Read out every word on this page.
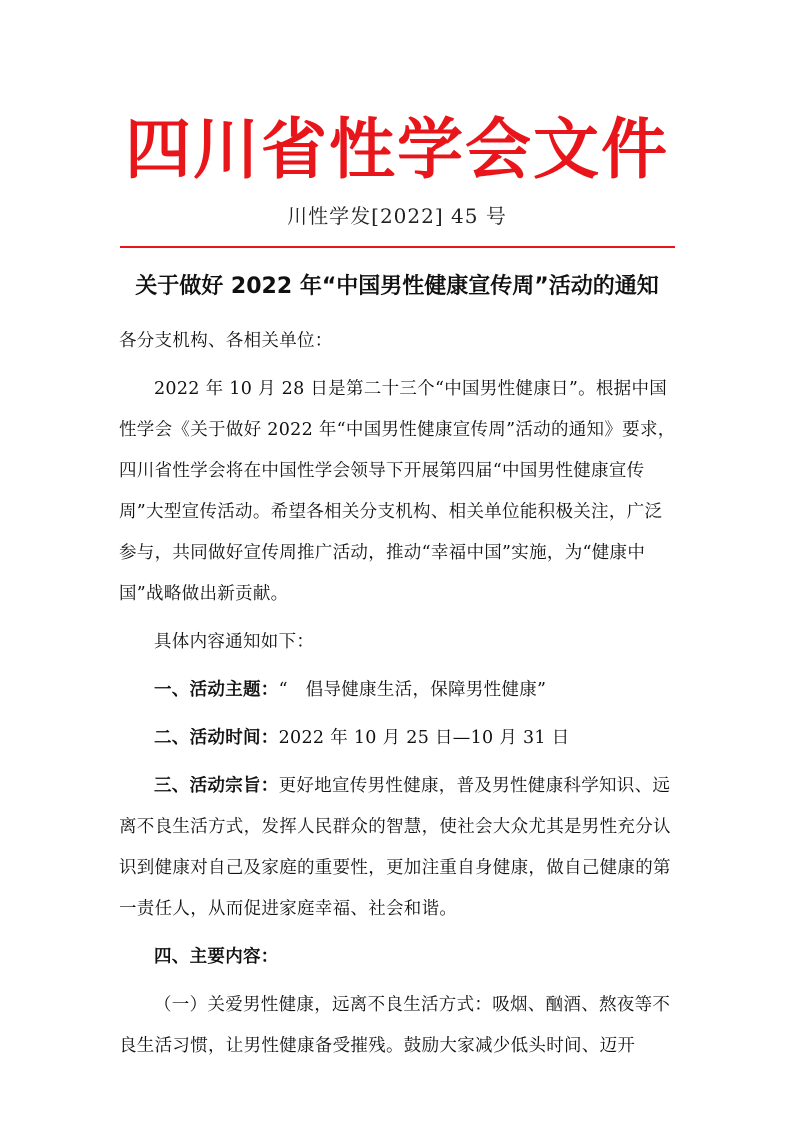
四川省性学会文件
川性学发[2022] 45 号
关于做好 2022 年“中国男性健康宣传周”活动的通知

各分支机构、各相关单位：

2022 年 10 月 28 日是第二十三个“中国男性健康日”。根据中国性学会《关于做好 2022 年“中国男性健康宣传周”活动的通知》要求，四川省性学会将在中国性学会领导下开展第四届“中国男性健康宣传周”大型宣传活动。希望各相关分支机构、相关单位能积极关注，广泛参与，共同做好宣传周推广活动，推动“幸福中国”实施，为“健康中国”战略做出新贡献。

具体内容通知如下：

一、活动主题：“　倡导健康生活，保障男性健康”

二、活动时间：2022 年 10 月 25 日—10 月 31 日

三、活动宗旨：更好地宣传男性健康，普及男性健康科学知识、远离不良生活方式，发挥人民群众的智慧，使社会大众尤其是男性充分认识到健康对自己及家庭的重要性，更加注重自身健康，做自己健康的第一责任人，从而促进家庭幸福、社会和谐。

四、主要内容：

（一）关爱男性健康，远离不良生活方式：吸烟、酗酒、熬夜等不良生活习惯，让男性健康备受摧残。鼓励大家减少低头时间、迈开
